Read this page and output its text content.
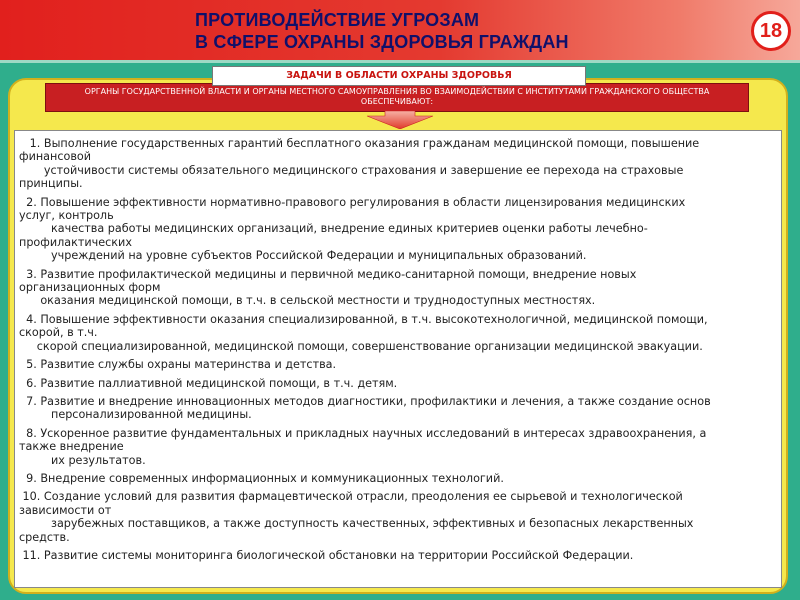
ПРОТИВОДЕЙСТВИЕ УГРОЗАМ
В СФЕРЕ ОХРАНЫ ЗДОРОВЬЯ ГРАЖДАН	18
ЗАДАЧИ В ОБЛАСТИ ОХРАНЫ ЗДОРОВЬЯ
ОРГАНЫ ГОСУДАРСТВЕННОЙ ВЛАСТИ И ОРГАНЫ МЕСТНОГО САМОУПРАВЛЕНИЯ ВО ВЗАИМОДЕЙСТВИИ С ИНСТИТУТАМИ ГРАЖДАНСКОГО ОБЩЕСТВА
ОБЕСПЕЧИВАЮТ:
1. Выполнение государственных гарантий бесплатного оказания гражданам медицинской помощи, повышение
финансовой
устойчивости системы обязательного медицинского страхования и завершение ее перехода на страховые
принципы.
2. Повышение эффективности нормативно-правового регулирования в области лицензирования медицинских
услуг, контроль
качества работы медицинских организаций, внедрение единых критериев оценки работы лечебно-
профилактических
учреждений на уровне субъектов Российской Федерации и муниципальных образований.
3. Развитие профилактической медицины и первичной медико-санитарной помощи, внедрение новых
организационных форм
оказания медицинской помощи, в т.ч. в сельской местности и труднодоступных местностях.
4. Повышение эффективности оказания специализированной, в т.ч. высокотехнологичной, медицинской помощи,
скорой, в т.ч.
скорой специализированной, медицинской помощи, совершенствование организации медицинской эвакуации.
5. Развитие службы охраны материнства и детства.
6. Развитие паллиативной медицинской помощи, в т.ч. детям.
7. Развитие и внедрение инновационных методов диагностики, профилактики и лечения, а также создание основ
персонализированной медицины.
8. Ускоренное развитие фундаментальных и прикладных научных исследований в интересах здравоохранения, а
также внедрение
их результатов.
9. Внедрение современных информационных и коммуникационных технологий.
10. Создание условий для развития фармацевтической отрасли, преодоления ее сырьевой и технологической
зависимости от
зарубежных поставщиков, а также доступность качественных, эффективных и безопасных лекарственных
средств.
11. Развитие системы мониторинга биологической обстановки на территории Российской Федерации.
